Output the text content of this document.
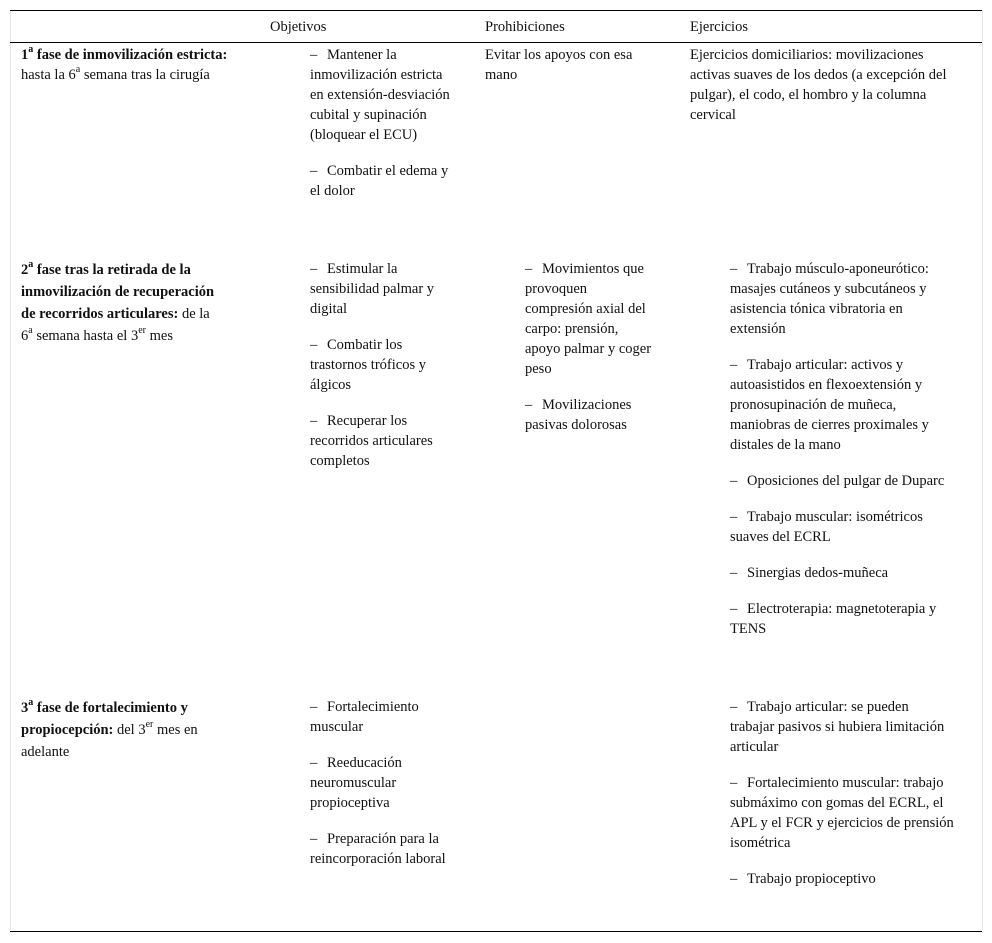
Objetivos	Prohibiciones	Ejercicios
1$^a$ fase de inmovilización estricta: hasta la 6$^a$ semana tras la cirugía
– Mantener la inmovilización estricta en extensión-desviación cubital y supinación (bloquear el ECU)
– Combatir el edema y el dolor
Evitar los apoyos con esa mano
Ejercicios domiciliarios: movilizaciones activas suaves de los dedos (a excepción del pulgar), el codo, el hombro y la columna cervical
2$^a$ fase tras la retirada de la inmovilización de recuperación de recorridos articulares: de la 6$^a$ semana hasta el 3er mes
– Estimular la sensibilidad palmar y digital
– Combatir los trastornos tróficos y álgicos
– Recuperar los recorridos articulares completos
– Movimientos que provoquen compresión axial del carpo: prensión, apoyo palmar y coger peso
– Movilizaciones pasivas dolorosas
– Trabajo músculo-aponeurótico: masajes cutáneos y subcutáneos y asistencia tónica vibratoria en extensión
– Trabajo articular: activos y autoasistidos en flexoextensión y pronosupinación de muñeca, maniobras de cierres proximales y distales de la mano
– Oposiciones del pulgar de Duparc
– Trabajo muscular: isométricos suaves del ECRL
– Sinergias dedos-muñeca
– Electroterapia: magnetoterapia y TENS
3$^a$ fase de fortalecimiento y propiocepción: del 3er mes en adelante
– Fortalecimiento muscular
– Reeducación neuromuscular propioceptiva
– Preparación para la reincorporación laboral
– Trabajo articular: se pueden trabajar pasivos si hubiera limitación articular
– Fortalecimiento muscular: trabajo submáximo con gomas del ECRL, el APL y el FCR y ejercicios de prensión isométrica
– Trabajo propioceptivo
